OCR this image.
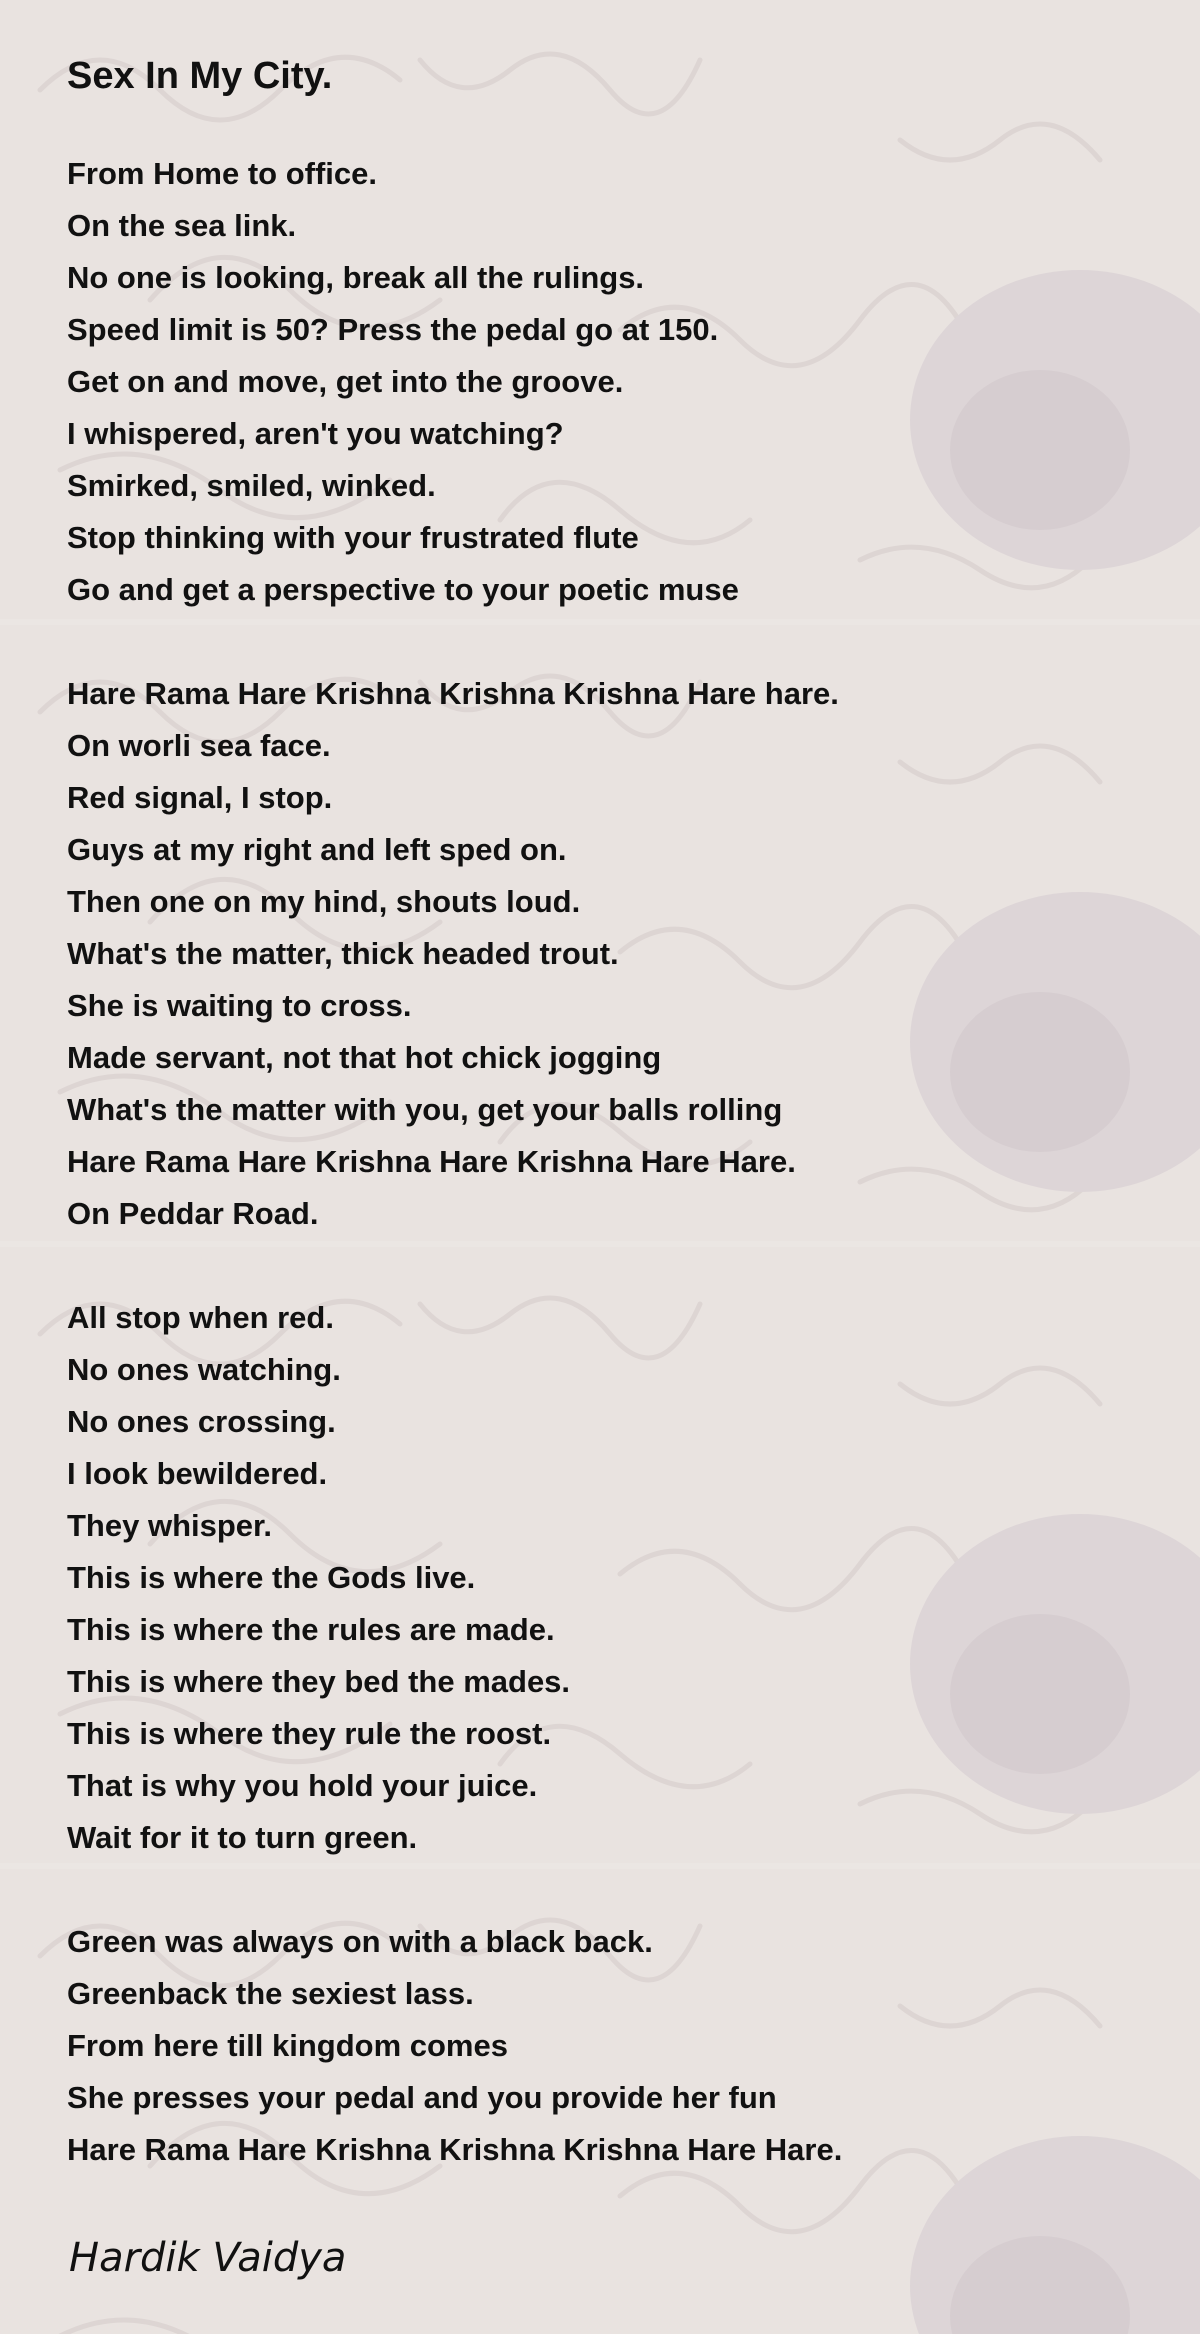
Sex In My City.
From Home to office.
On the sea link.
No one is looking, break all the rulings.
Speed limit is 50? Press the pedal go at 150.
Get on and move, get into the groove.
I whispered, aren't you watching?
Smirked, smiled, winked.
Stop thinking with your frustrated flute
Go and get a perspective to your poetic muse
Hare Rama Hare Krishna Krishna Krishna Hare hare.
On worli sea face.
Red signal, I stop.
Guys at my right and left sped on.
Then one on my hind, shouts loud.
What's the matter, thick headed trout.
She is waiting to cross.
Made servant, not that hot chick jogging
What's the matter with you, get your balls rolling
Hare Rama Hare Krishna Hare Krishna Hare Hare.
On Peddar Road.
All stop when red.
No ones watching.
No ones crossing.
I look bewildered.
They whisper.
This is where the Gods live.
This is where the rules are made.
This is where they bed the mades.
This is where they rule the roost.
That is why you hold your juice.
Wait for it to turn green.
Green was always on with a black back.
Greenback the sexiest lass.
From here till kingdom comes
She presses your pedal and you provide her fun
Hare Rama Hare Krishna Krishna Krishna Hare Hare.
Hardik Vaidya
